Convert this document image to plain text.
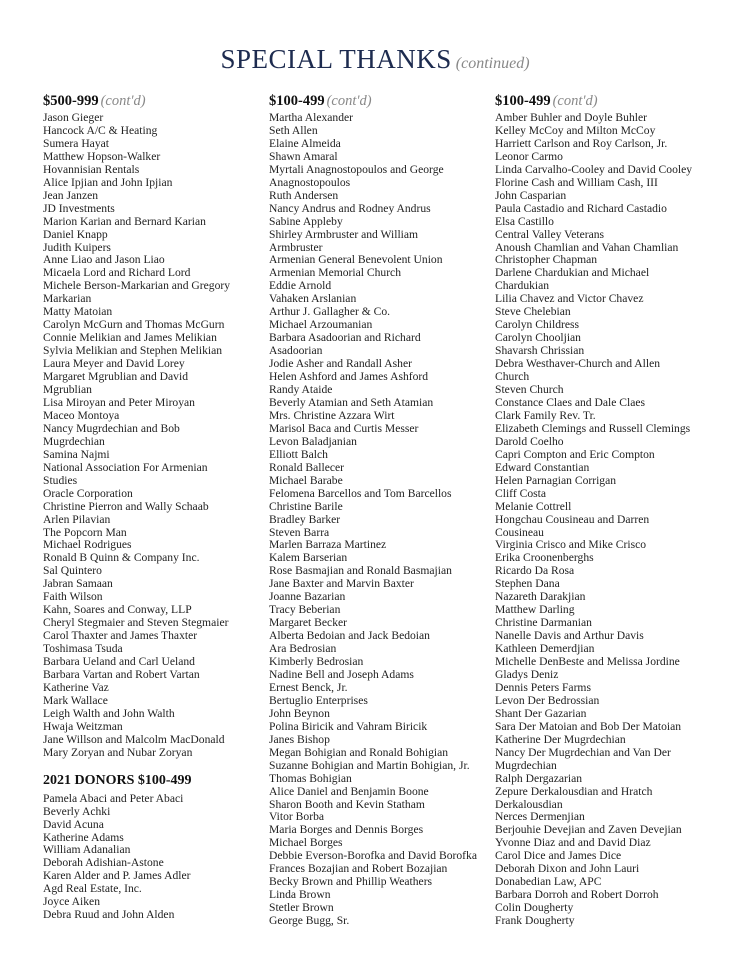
SPECIAL THANKS (continued)
$500-999 (cont'd)
Jason Gieger
Hancock A/C & Heating
Sumera Hayat
Matthew Hopson-Walker
Hovannisian Rentals
Alice Ipjian and John Ipjian
Jean Janzen
JD Investments
Marion Karian and Bernard Karian
Daniel Knapp
Judith Kuipers
Anne Liao and Jason Liao
Micaela Lord and Richard Lord
Michele Berson-Markarian and Gregory
Markarian
Matty Matoian
Carolyn McGurn and Thomas McGurn
Connie Melikian and James Melikian
Sylvia Melikian and Stephen Melikian
Laura Meyer and David Lorey
Margaret Mgrublian and David
Mgrublian
Lisa Miroyan and Peter Miroyan
Maceo Montoya
Nancy Mugrdechian and Bob
Mugrdechian
Samina Najmi
National Association For Armenian
Studies
Oracle Corporation
Christine Pierron and Wally Schaab
Arlen Pilavian
The Popcorn Man
Michael Rodrigues
Ronald B Quinn & Company Inc.
Sal Quintero
Jabran Samaan
Faith Wilson
Kahn, Soares and Conway, LLP
Cheryl Stegmaier and Steven Stegmaier
Carol Thaxter and James Thaxter
Toshimasa Tsuda
Barbara Ueland and Carl Ueland
Barbara Vartan and Robert Vartan
Katherine Vaz
Mark Wallace
Leigh Walth and John Walth
Hwaja Weitzman
Jane Willson and Malcolm MacDonald
Mary Zoryan and Nubar Zoryan
2021 DONORS $100-499
Pamela Abaci and Peter Abaci
Beverly Achki
David Acuna
Katherine Adams
William Adanalian
Deborah Adishian-Astone
Karen Alder and P. James Adler
Agd Real Estate, Inc.
Joyce Aiken
Debra Ruud and John Alden
$100-499 (cont'd)
Martha Alexander
Seth Allen
Elaine Almeida
Shawn Amaral
Myrtali Anagnostopoulos and George
Anagnostopoulos
Ruth Andersen
Nancy Andrus and Rodney Andrus
Sabine Appleby
Shirley Armbruster and William
Armbruster
Armenian General Benevolent Union
Armenian Memorial Church
Eddie Arnold
Vahaken Arslanian
Arthur J. Gallagher & Co.
Michael Arzoumanian
Barbara Asadoorian and Richard
Asadoorian
Jodie Asher and Randall Asher
Helen Ashford and James Ashford
Randy Ataide
Beverly Atamian and Seth Atamian
Mrs. Christine Azzara Wirt
Marisol Baca and Curtis Messer
Levon Baladjanian
Elliott Balch
Ronald Ballecer
Michael Barabe
Felomena Barcellos and Tom Barcellos
Christine Barile
Bradley Barker
Steven Barra
Marlen Barraza Martinez
Kalem Barserian
Rose Basmajian and Ronald Basmajian
Jane Baxter and Marvin Baxter
Joanne Bazarian
Tracy Beberian
Margaret Becker
Alberta Bedoian and Jack Bedoian
Ara Bedrosian
Kimberly Bedrosian
Nadine Bell and Joseph Adams
Ernest Benck, Jr.
Bertuglio Enterprises
John Beynon
Polina Biricik and Vahram Biricik
Janes Bishop
Megan Bohigian and Ronald Bohigian
Suzanne Bohigian and Martin Bohigian, Jr.
Thomas Bohigian
Alice Daniel and Benjamin Boone
Sharon Booth and Kevin Statham
Vitor Borba
Maria Borges and Dennis Borges
Michael Borges
Debbie Everson-Borofka and David Borofka
Frances Bozajian and Robert Bozajian
Becky Brown and Phillip Weathers
Linda Brown
Stetler Brown
George Bugg, Sr.
$100-499 (cont'd)
Amber Buhler and Doyle Buhler
Kelley McCoy and Milton McCoy
Harriett Carlson and Roy Carlson, Jr.
Leonor Carmo
Linda Carvalho-Cooley and David Cooley
Florine Cash and William Cash, III
John Casparian
Paula Castadio and Richard Castadio
Elsa Castillo
Central Valley Veterans
Anoush Chamlian and Vahan Chamlian
Christopher Chapman
Darlene Chardukian and Michael
Chardukian
Lilia Chavez and Victor Chavez
Steve Chelebian
Carolyn Childress
Carolyn Chooljian
Shavarsh Chrissian
Debra Westhaver-Church and Allen
Church
Steven Church
Constance Claes and Dale Claes
Clark Family Rev. Tr.
Elizabeth Clemings and Russell Clemings
Darold Coelho
Capri Compton and Eric Compton
Edward Constantian
Helen Parnagian Corrigan
Cliff Costa
Melanie Cottrell
Hongchau Cousineau and Darren
Cousineau
Virginia Crisco and Mike Crisco
Erika Croonenberghs
Ricardo Da Rosa
Stephen Dana
Nazareth Darakjian
Matthew Darling
Christine Darmanian
Nanelle Davis and Arthur Davis
Kathleen Demerdjian
Michelle DenBeste and Melissa Jordine
Gladys Deniz
Dennis Peters Farms
Levon Der Bedrossian
Shant Der Gazarian
Sara Der Matoian and Bob Der Matoian
Katherine Der Mugrdechian
Nancy Der Mugrdechian and Van Der
Mugrdechian
Ralph Dergazarian
Zepure Derkalousdian and Hratch
Derkalousdian
Nerces Dermenjian
Berjouhie Devejian and Zaven Devejian
Yvonne Diaz and and David Diaz
Carol Dice and James Dice
Deborah Dixon and John Lauri
Donabedian Law, APC
Barbara Dorroh and Robert Dorroh
Colin Dougherty
Frank Dougherty
